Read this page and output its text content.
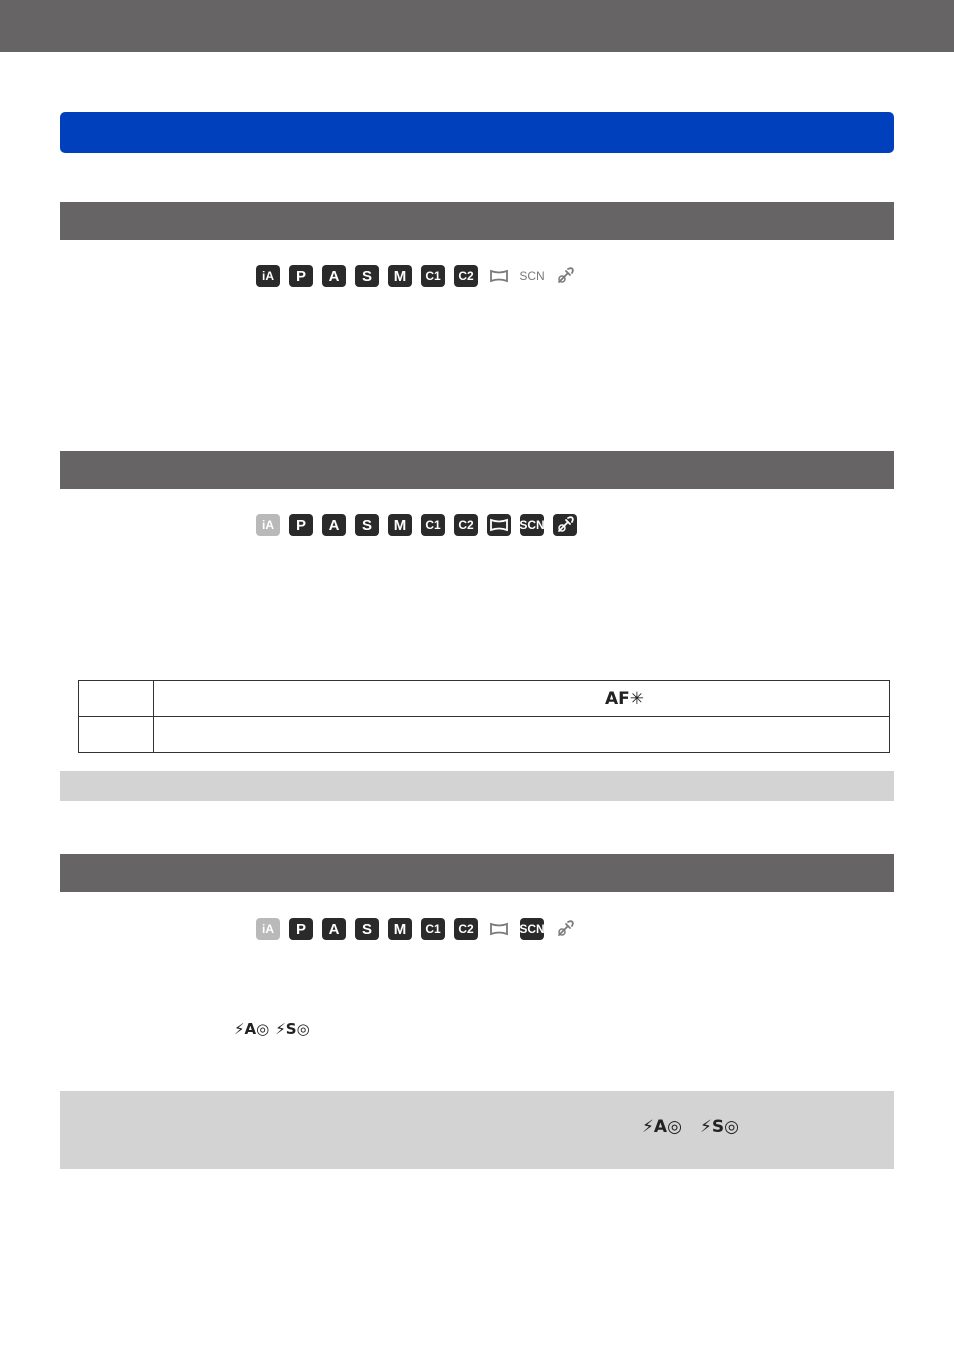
iA	P	A	S	M	C1	C2	SCN
iA	P	A	S	M	C1	C2	SCN

	AF✳

iA	P	A	S	M	C1	C2	SCN
⚡A◎ ⚡S◎
⚡A◎ ⚡S◎
